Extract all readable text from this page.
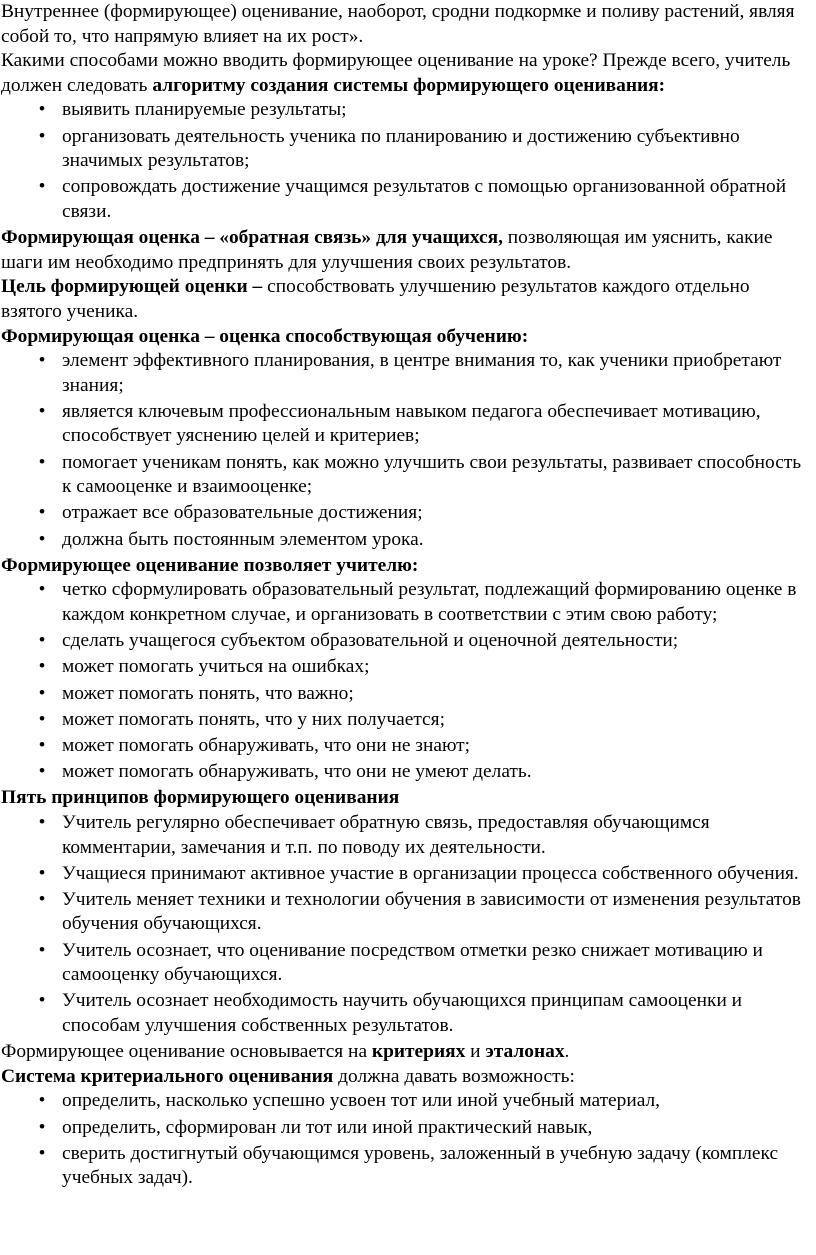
Внутреннее (формирующее) оценивание, наоборот, сродни подкормке и поливу растений, являя собой то, что напрямую влияет на их рост».

Какими способами можно вводить формирующее оценивание на уроке? Прежде всего, учитель должен следовать алгоритму создания системы формирующего оценивания:

• выявить планируемые результаты;
• организовать деятельность ученика по планированию и достижению субъективно значимых результатов;
• сопровождать достижение учащимся результатов с помощью организованной обратной связи.

Формирующая оценка – «обратная связь» для учащихся, позволяющая им уяснить, какие шаги им необходимо предпринять для улучшения своих результатов.

Цель формирующей оценки – способствовать улучшению результатов каждого отдельно взятого ученика.

Формирующая оценка – оценка способствующая обучению:

• элемент эффективного планирования, в центре внимания то, как ученики приобретают знания;
• является ключевым профессиональным навыком педагога обеспечивает мотивацию, способствует уяснению целей и критериев;
• помогает ученикам понять, как можно улучшить свои результаты, развивает способность к самооценке и взаимооценке;
• отражает все образовательные достижения;
• должна быть постоянным элементом урока.

Формирующее оценивание позволяет учителю:

• четко сформулировать образовательный результат, подлежащий формированию оценке в каждом конкретном случае, и организовать в соответствии с этим свою работу;
• сделать учащегося субъектом образовательной и оценочной деятельности;
• может помогать учиться на ошибках;
• может помогать понять, что важно;
• может помогать понять, что у них получается;
• может помогать обнаруживать, что они не знают;
• может помогать обнаруживать, что они не умеют делать.

Пять принципов формирующего оценивания

• Учитель регулярно обеспечивает обратную связь, предоставляя обучающимся комментарии, замечания и т.п. по поводу их деятельности.
• Учащиеся принимают активное участие в организации процесса собственного обучения.
• Учитель меняет техники и технологии обучения в зависимости от изменения результатов обучения обучающихся.
• Учитель осознает, что оценивание посредством отметки резко снижает мотивацию и самооценку обучающихся.
• Учитель осознает необходимость научить обучающихся принципам самооценки и способам улучшения собственных результатов.

Формирующее оценивание основывается на критериях и эталонах.

Система критериального оценивания должна давать возможность:

• определить, насколько успешно усвоен тот или иной учебный материал,
• определить, сформирован ли тот или иной практический навык,
• сверить достигнутый обучающимся уровень, заложенный в учебную задачу (комплекс учебных задач).
